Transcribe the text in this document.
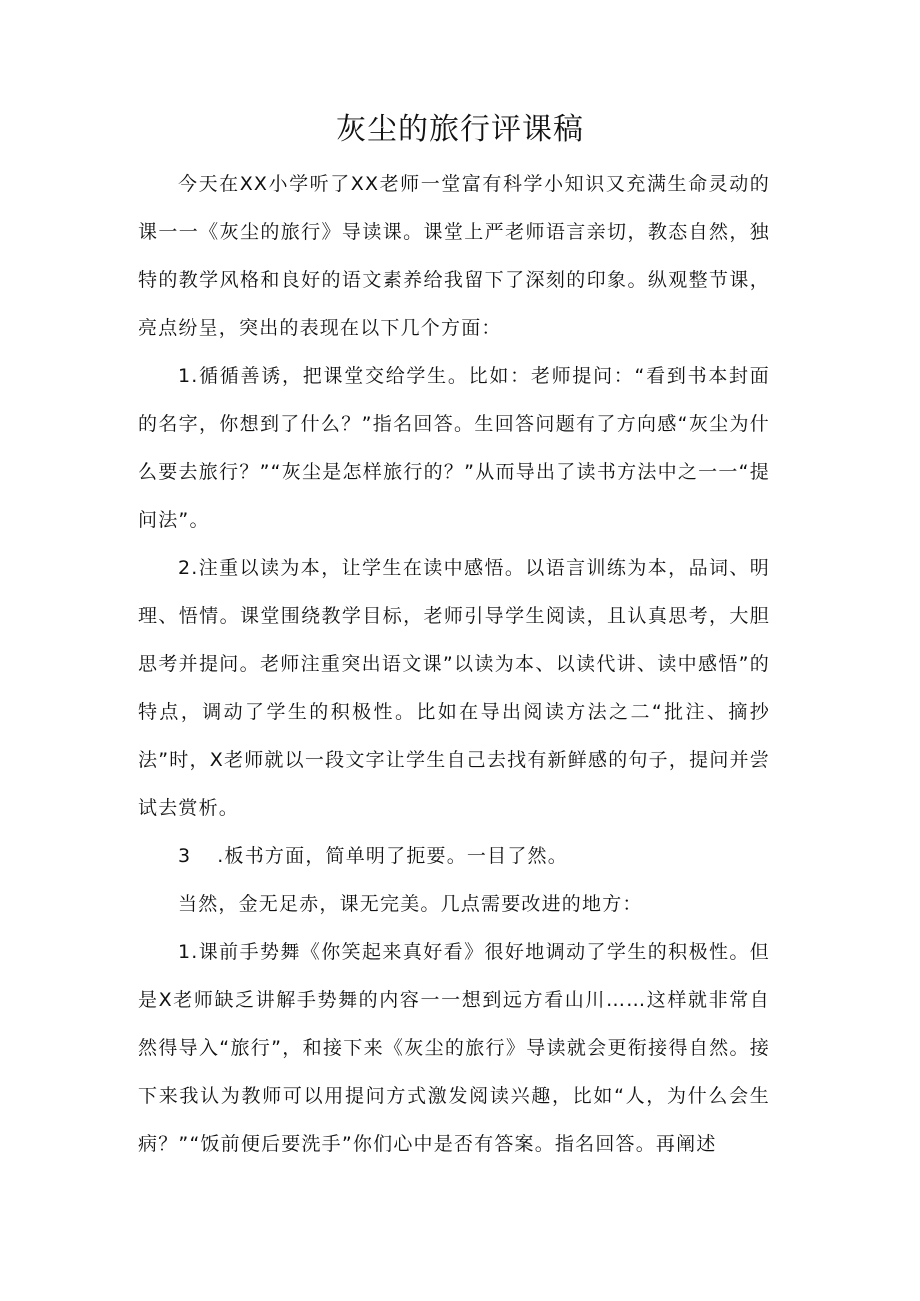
灰尘的旅行评课稿

今天在XX小学听了XX老师一堂富有科学小知识又充满生命灵动的课一一《灰尘的旅行》导读课。课堂上严老师语言亲切，教态自然，独特的教学风格和良好的语文素养给我留下了深刻的印象。纵观整节课，亮点纷呈，突出的表现在以下几个方面：

1.循循善诱，把课堂交给学生。比如：老师提问：“看到书本封面的名字，你想到了什么？”指名回答。生回答问题有了方向感“灰尘为什么要去旅行？”“灰尘是怎样旅行的？”从而导出了读书方法中之一一“提问法”。

2.注重以读为本，让学生在读中感悟。以语言训练为本，品词、明理、悟情。课堂围绕教学目标，老师引导学生阅读，且认真思考，大胆思考并提问。老师注重突出语文课”以读为本、以读代讲、读中感悟”的特点，调动了学生的积极性。比如在导出阅读方法之二“批注、摘抄法”时，X老师就以一段文字让学生自己去找有新鲜感的句子，提问并尝试去赏析。

3 .板书方面，简单明了扼要。一目了然。

当然，金无足赤，课无完美。几点需要改进的地方：

1.课前手势舞《你笑起来真好看》很好地调动了学生的积极性。但是X老师缺乏讲解手势舞的内容一一想到远方看山川……这样就非常自然得导入“旅行”，和接下来《灰尘的旅行》导读就会更衔接得自然。接下来我认为教师可以用提问方式激发阅读兴趣，比如“人，为什么会生病？”“饭前便后要洗手”你们心中是否有答案。指名回答。再阐述
